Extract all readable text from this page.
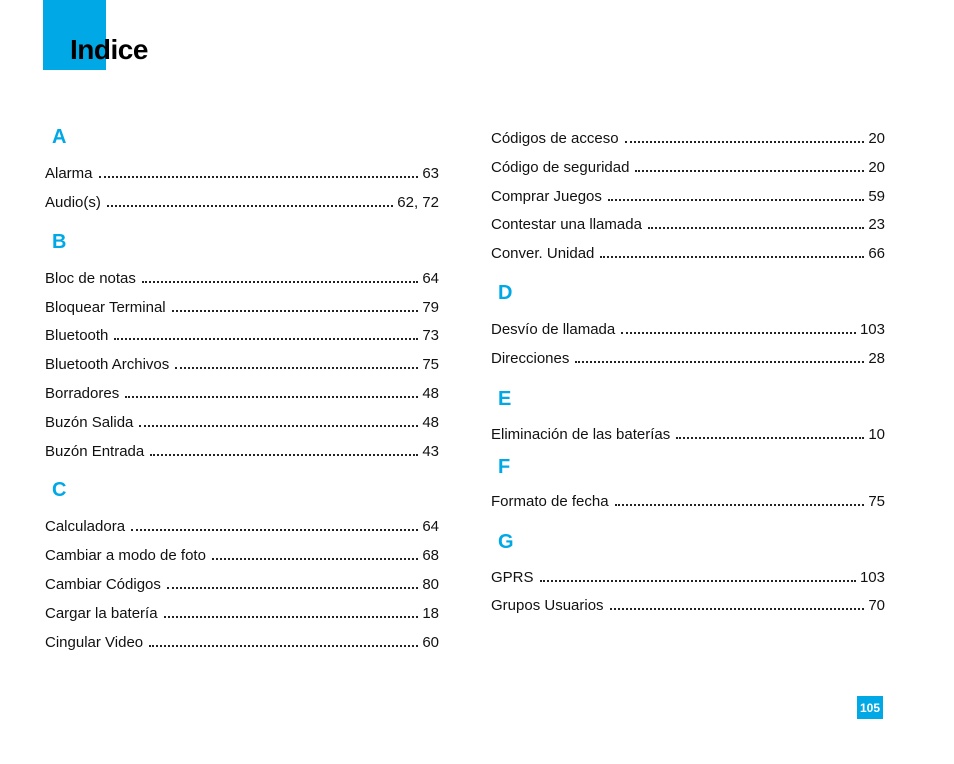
Indice
A
Alarma	63
Audio(s)	62, 72
B
Bloc de notas	64
Bloquear Terminal	79
Bluetooth	73
Bluetooth Archivos	75
Borradores	48
Buzón Salida	48
Buzón Entrada	43
C
Calculadora	64
Cambiar a modo de foto	68
Cambiar Códigos	80
Cargar la batería	18
Cingular Video	60
Códigos de acceso	20
Código de seguridad	20
Comprar Juegos	59
Contestar una llamada	23
Conver. Unidad	66
D
Desvío de llamada	103
Direcciones	28
E
Eliminación de las baterías	10
F
Formato de fecha	75
G
GPRS	103
Grupos Usuarios	70
105
